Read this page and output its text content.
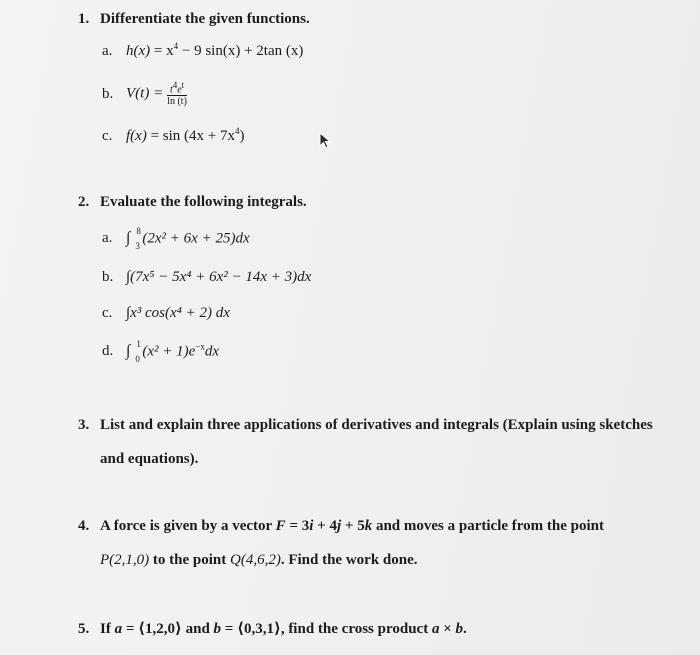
1. Differentiate the given functions.
a. $h(x) = x^4 - 9$ sin(x) + 2tan (x)
b. $V(t) = \frac{t^4e^t}{\ln (t)}$
c. $f(x) = \sin (4x + 7x^4)$
2. Evaluate the following integrals.
a. ∫ 8
3 (2x² + 6x + 25)dx
b. ∫(7x⁵ − 5x⁴ + 6x² − 14x + 3)dx
c. ∫x³ cos(x⁴ + 2) dx
d. ∫ 1
0 $(x^2 + 1)e^{-x}dx$
3. List and explain three applications of derivatives and integrals (Explain using sketches
and equations).
4. A force is given by a vector F = 3i + 4j + 5k and moves a particle from the point
P(2,1,0) to the point Q(4,6,2). Find the work done.
5. If a = ⟨1,2,0⟩ and b = ⟨0,3,1⟩, find the cross product a × b.
